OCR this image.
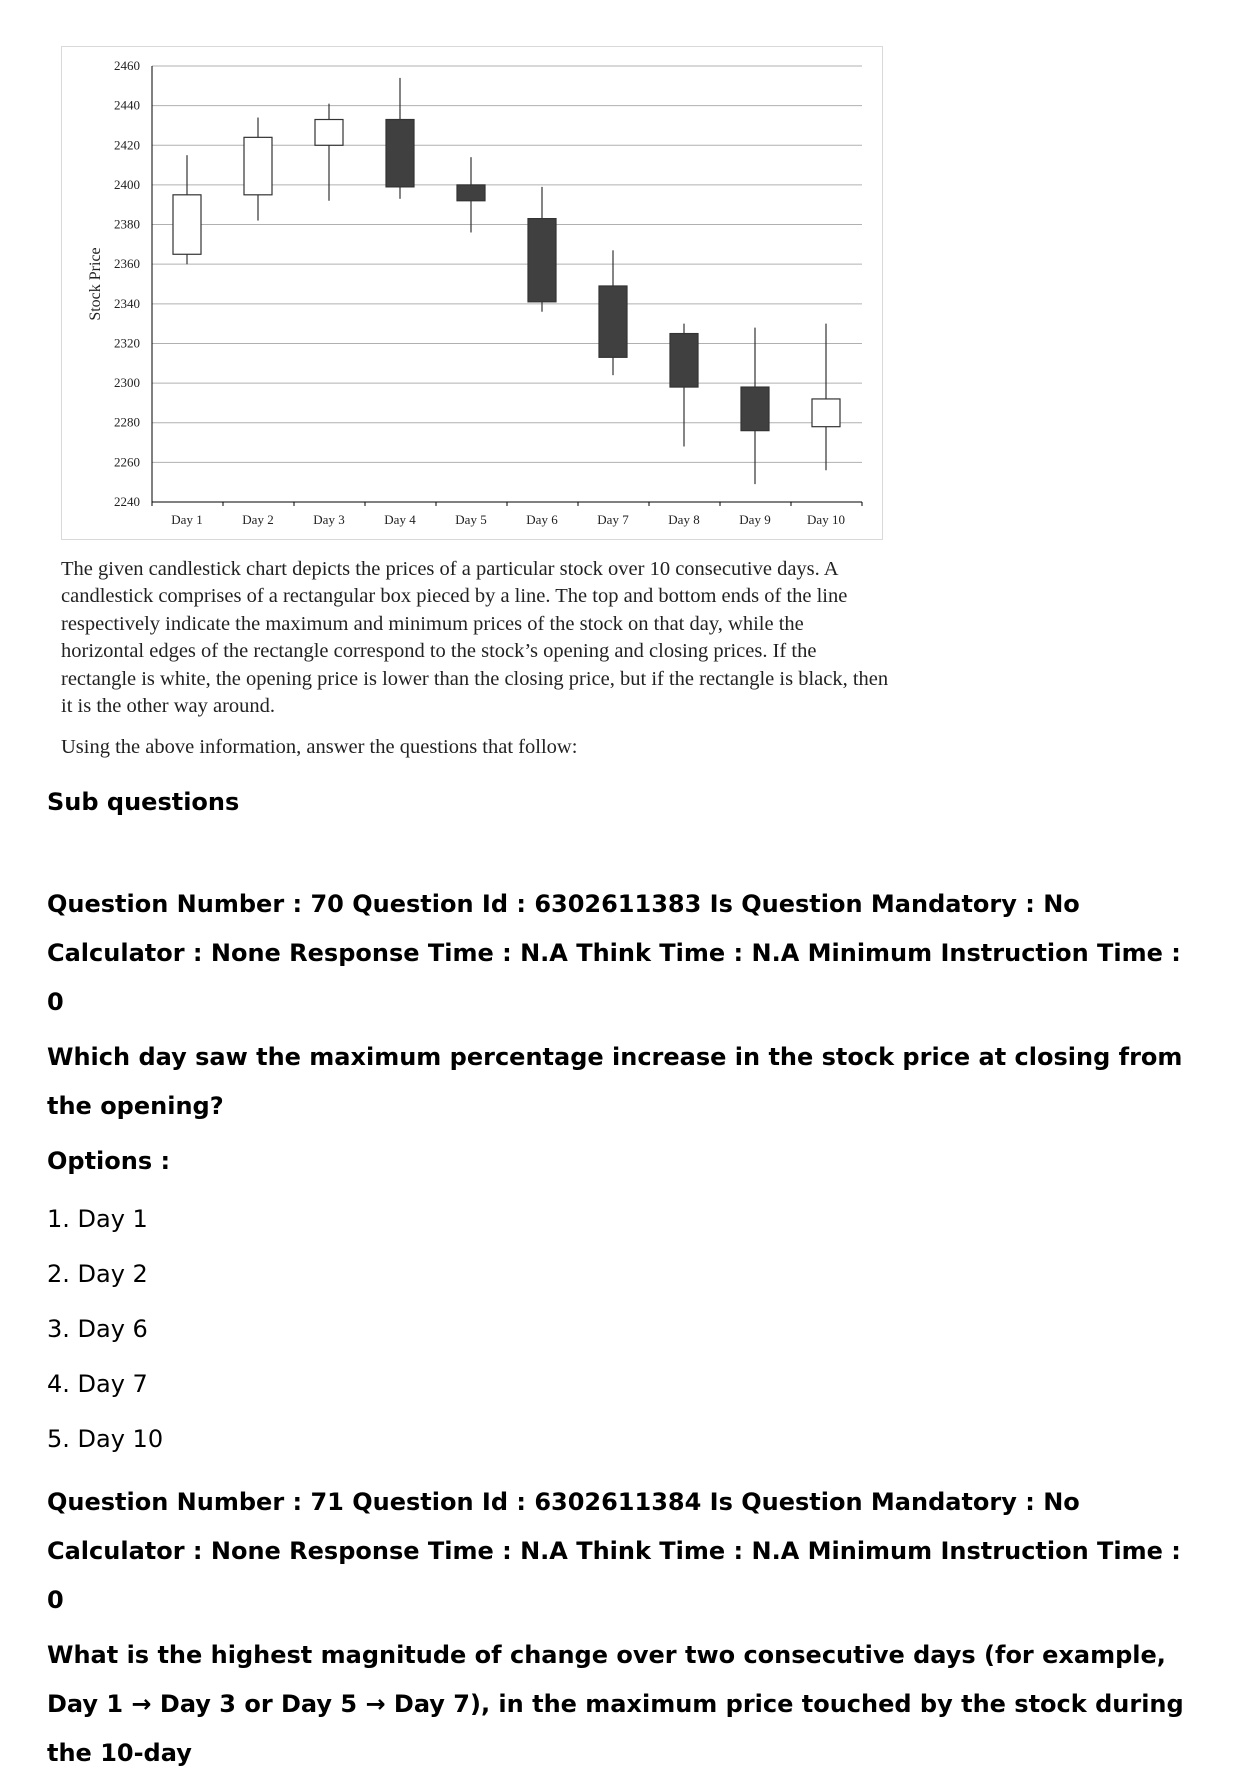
2240
2260
2280
2300
2320
2340
2360
2380
2400
2420
2440
2460
Stock Price
Day 1	Day 2	Day 3	Day 4	Day 5	Day 6	Day 7	Day 8	Day 9	Day 10

The given candlestick chart depicts the prices of a particular stock over 10 consecutive days. A candlestick comprises of a rectangular box pieced by a line. The top and bottom ends of the line respectively indicate the maximum and minimum prices of the stock on that day, while the horizontal edges of the rectangle correspond to the stock’s opening and closing prices. If the rectangle is white, the opening price is lower than the closing price, but if the rectangle is black, then it is the other way around.

Using the above information, answer the questions that follow:

Sub questions

Question Number : 70 Question Id : 6302611383 Is Question Mandatory : No Calculator : None Response Time : N.A Think Time : N.A Minimum Instruction Time : 0

Which day saw the maximum percentage increase in the stock price at closing from the opening?

Options :

1. Day 1
2. Day 2
3. Day 6
4. Day 7
5. Day 10

Question Number : 71 Question Id : 6302611384 Is Question Mandatory : No Calculator : None Response Time : N.A Think Time : N.A Minimum Instruction Time : 0

What is the highest magnitude of change over two consecutive days (for example, Day 1 → Day 3 or Day 5 → Day 7), in the maximum price touched by the stock during the 10-day
